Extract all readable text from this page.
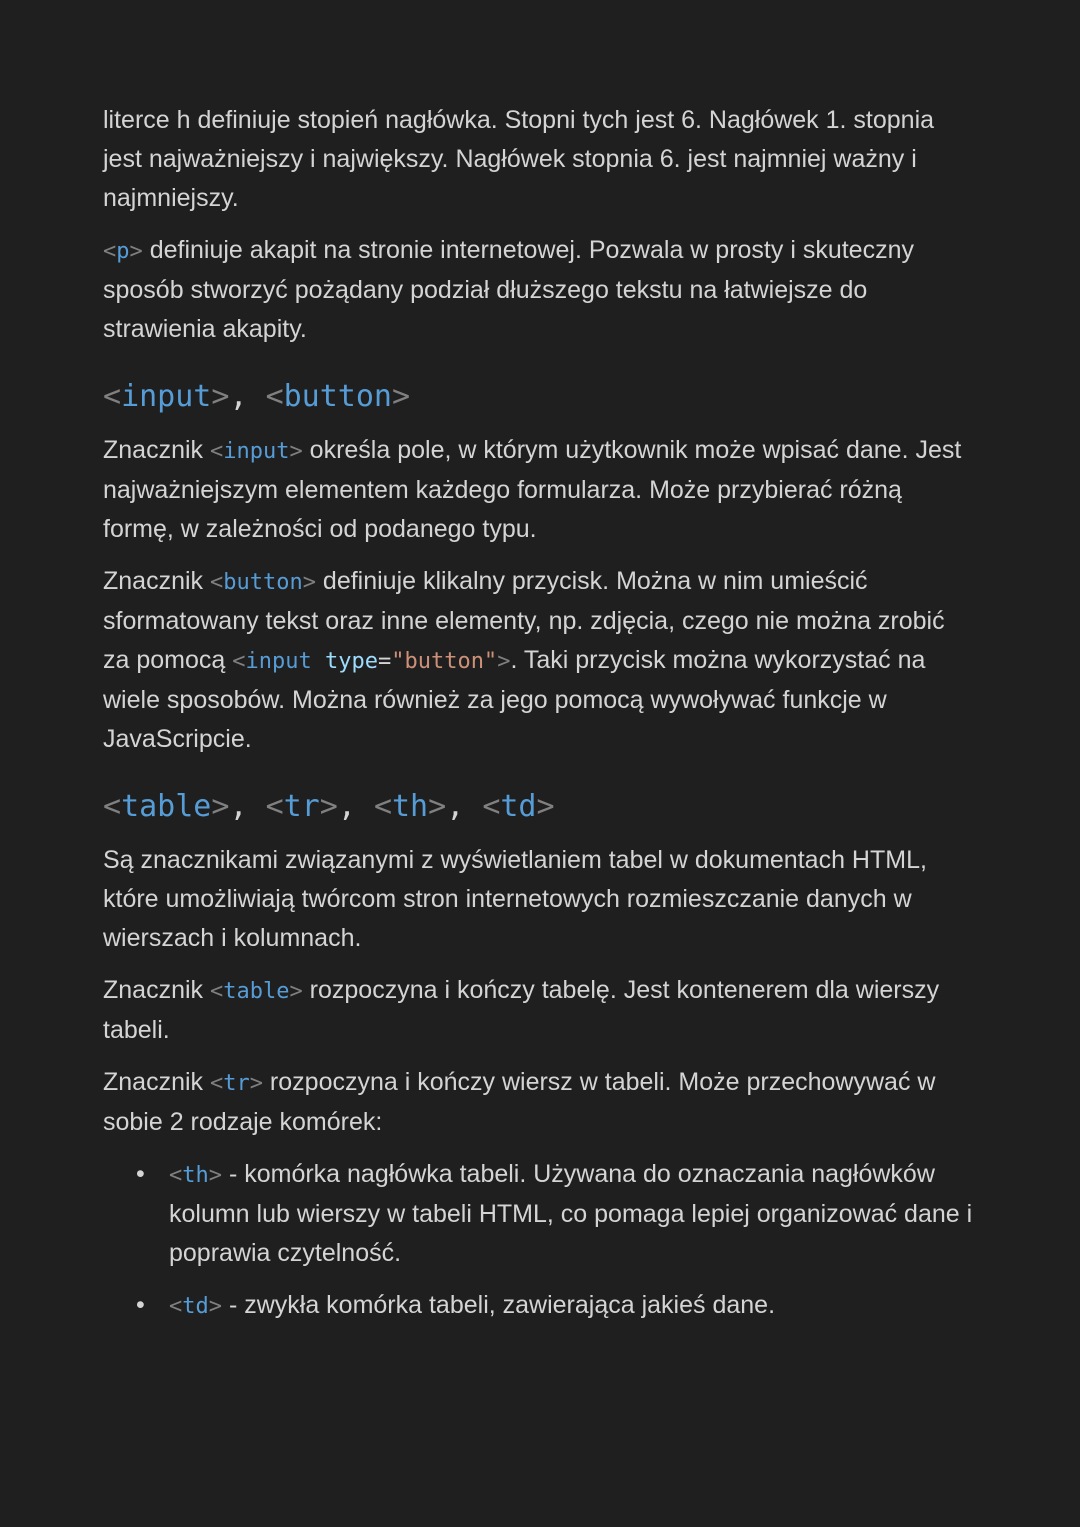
literce h definiuje stopień nagłówka. Stopni tych jest 6. Nagłówek 1. stopnia jest najważniejszy i największy. Nagłówek stopnia 6. jest najmniej ważny i najmniejszy.

<p> definiuje akapit na stronie internetowej. Pozwala w prosty i skuteczny sposób stworzyć pożądany podział dłuższego tekstu na łatwiejsze do strawienia akapity.

<input>, <button>

Znacznik <input> określa pole, w którym użytkownik może wpisać dane. Jest najważniejszym elementem każdego formularza. Może przybierać różną formę, w zależności od podanego typu.

Znacznik <button> definiuje klikalny przycisk. Można w nim umieścić sformatowany tekst oraz inne elementy, np. zdjęcia, czego nie można zrobić za pomocą <input type="button">. Taki przycisk można wykorzystać na wiele sposobów. Można również za jego pomocą wywoływać funkcje w JavaScripcie.

<table>, <tr>, <th>, <td>

Są znacznikami związanymi z wyświetlaniem tabel w dokumentach HTML, które umożliwiają twórcom stron internetowych rozmieszczanie danych w wierszach i kolumnach.

Znacznik <table> rozpoczyna i kończy tabelę. Jest kontenerem dla wierszy tabeli.

Znacznik <tr> rozpoczyna i kończy wiersz w tabeli. Może przechowywać w sobie 2 rodzaje komórek:

• <th> - komórka nagłówka tabeli. Używana do oznaczania nagłówków kolumn lub wierszy w tabeli HTML, co pomaga lepiej organizować dane i poprawia czytelność.
• <td> - zwykła komórka tabeli, zawierająca jakieś dane.
